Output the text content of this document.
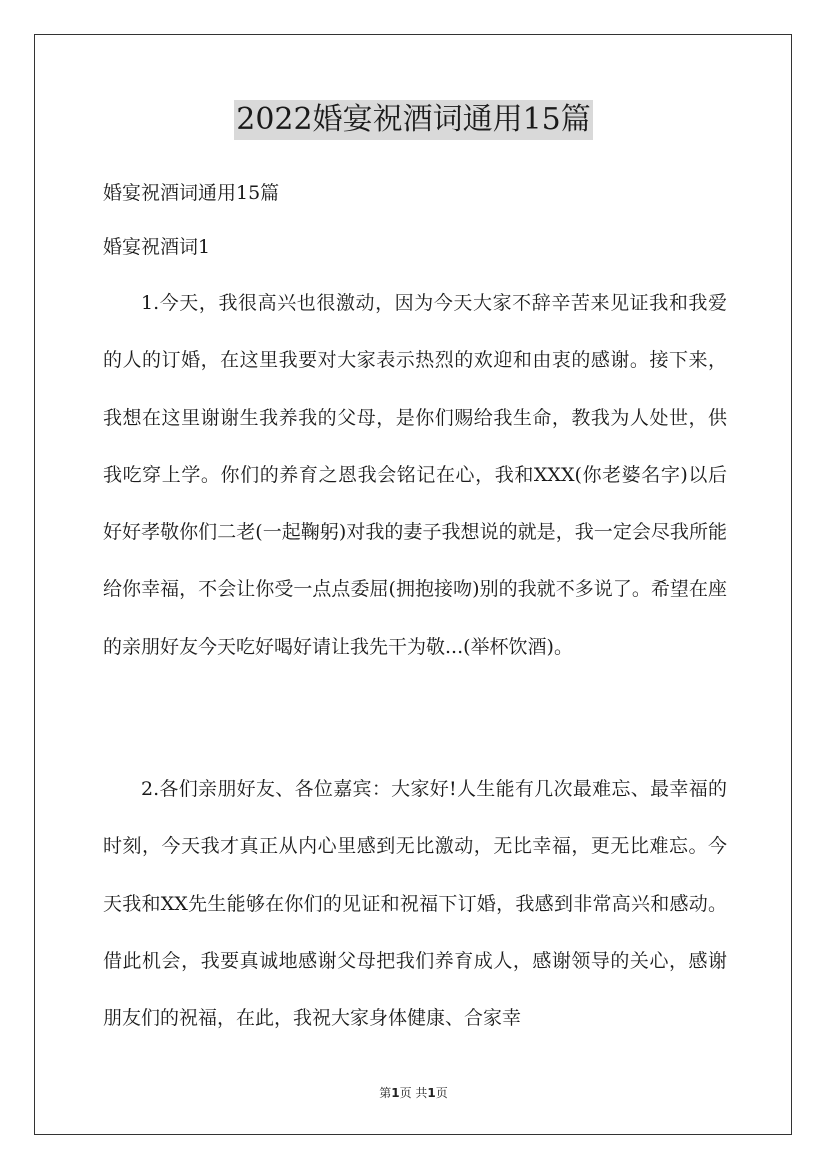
2022婚宴祝酒词通用15篇
婚宴祝酒词通用15篇
婚宴祝酒词1

1.今天，我很高兴也很激动，因为今天大家不辞辛苦来见证我和我爱的人的订婚，在这里我要对大家表示热烈的欢迎和由衷的感谢。接下来，我想在这里谢谢生我养我的父母，是你们赐给我生命，教我为人处世，供我吃穿上学。你们的养育之恩我会铭记在心，我和XXX(你老婆名字)以后好好孝敬你们二老(一起鞠躬)对我的妻子我想说的就是，我一定会尽我所能给你幸福，不会让你受一点点委屈(拥抱接吻)别的我就不多说了。希望在座的亲朋好友今天吃好喝好请让我先干为敬...(举杯饮酒)。

2.各们亲朋好友、各位嘉宾：大家好!人生能有几次最难忘、最幸福的时刻，今天我才真正从内心里感到无比激动，无比幸福，更无比难忘。今天我和XX先生能够在你们的见证和祝福下订婚，我感到非常高兴和感动。借此机会，我要真诚地感谢父母把我们养育成人，感谢领导的关心，感谢朋友们的祝福，在此，我祝大家身体健康、合家幸

第1页 共1页
